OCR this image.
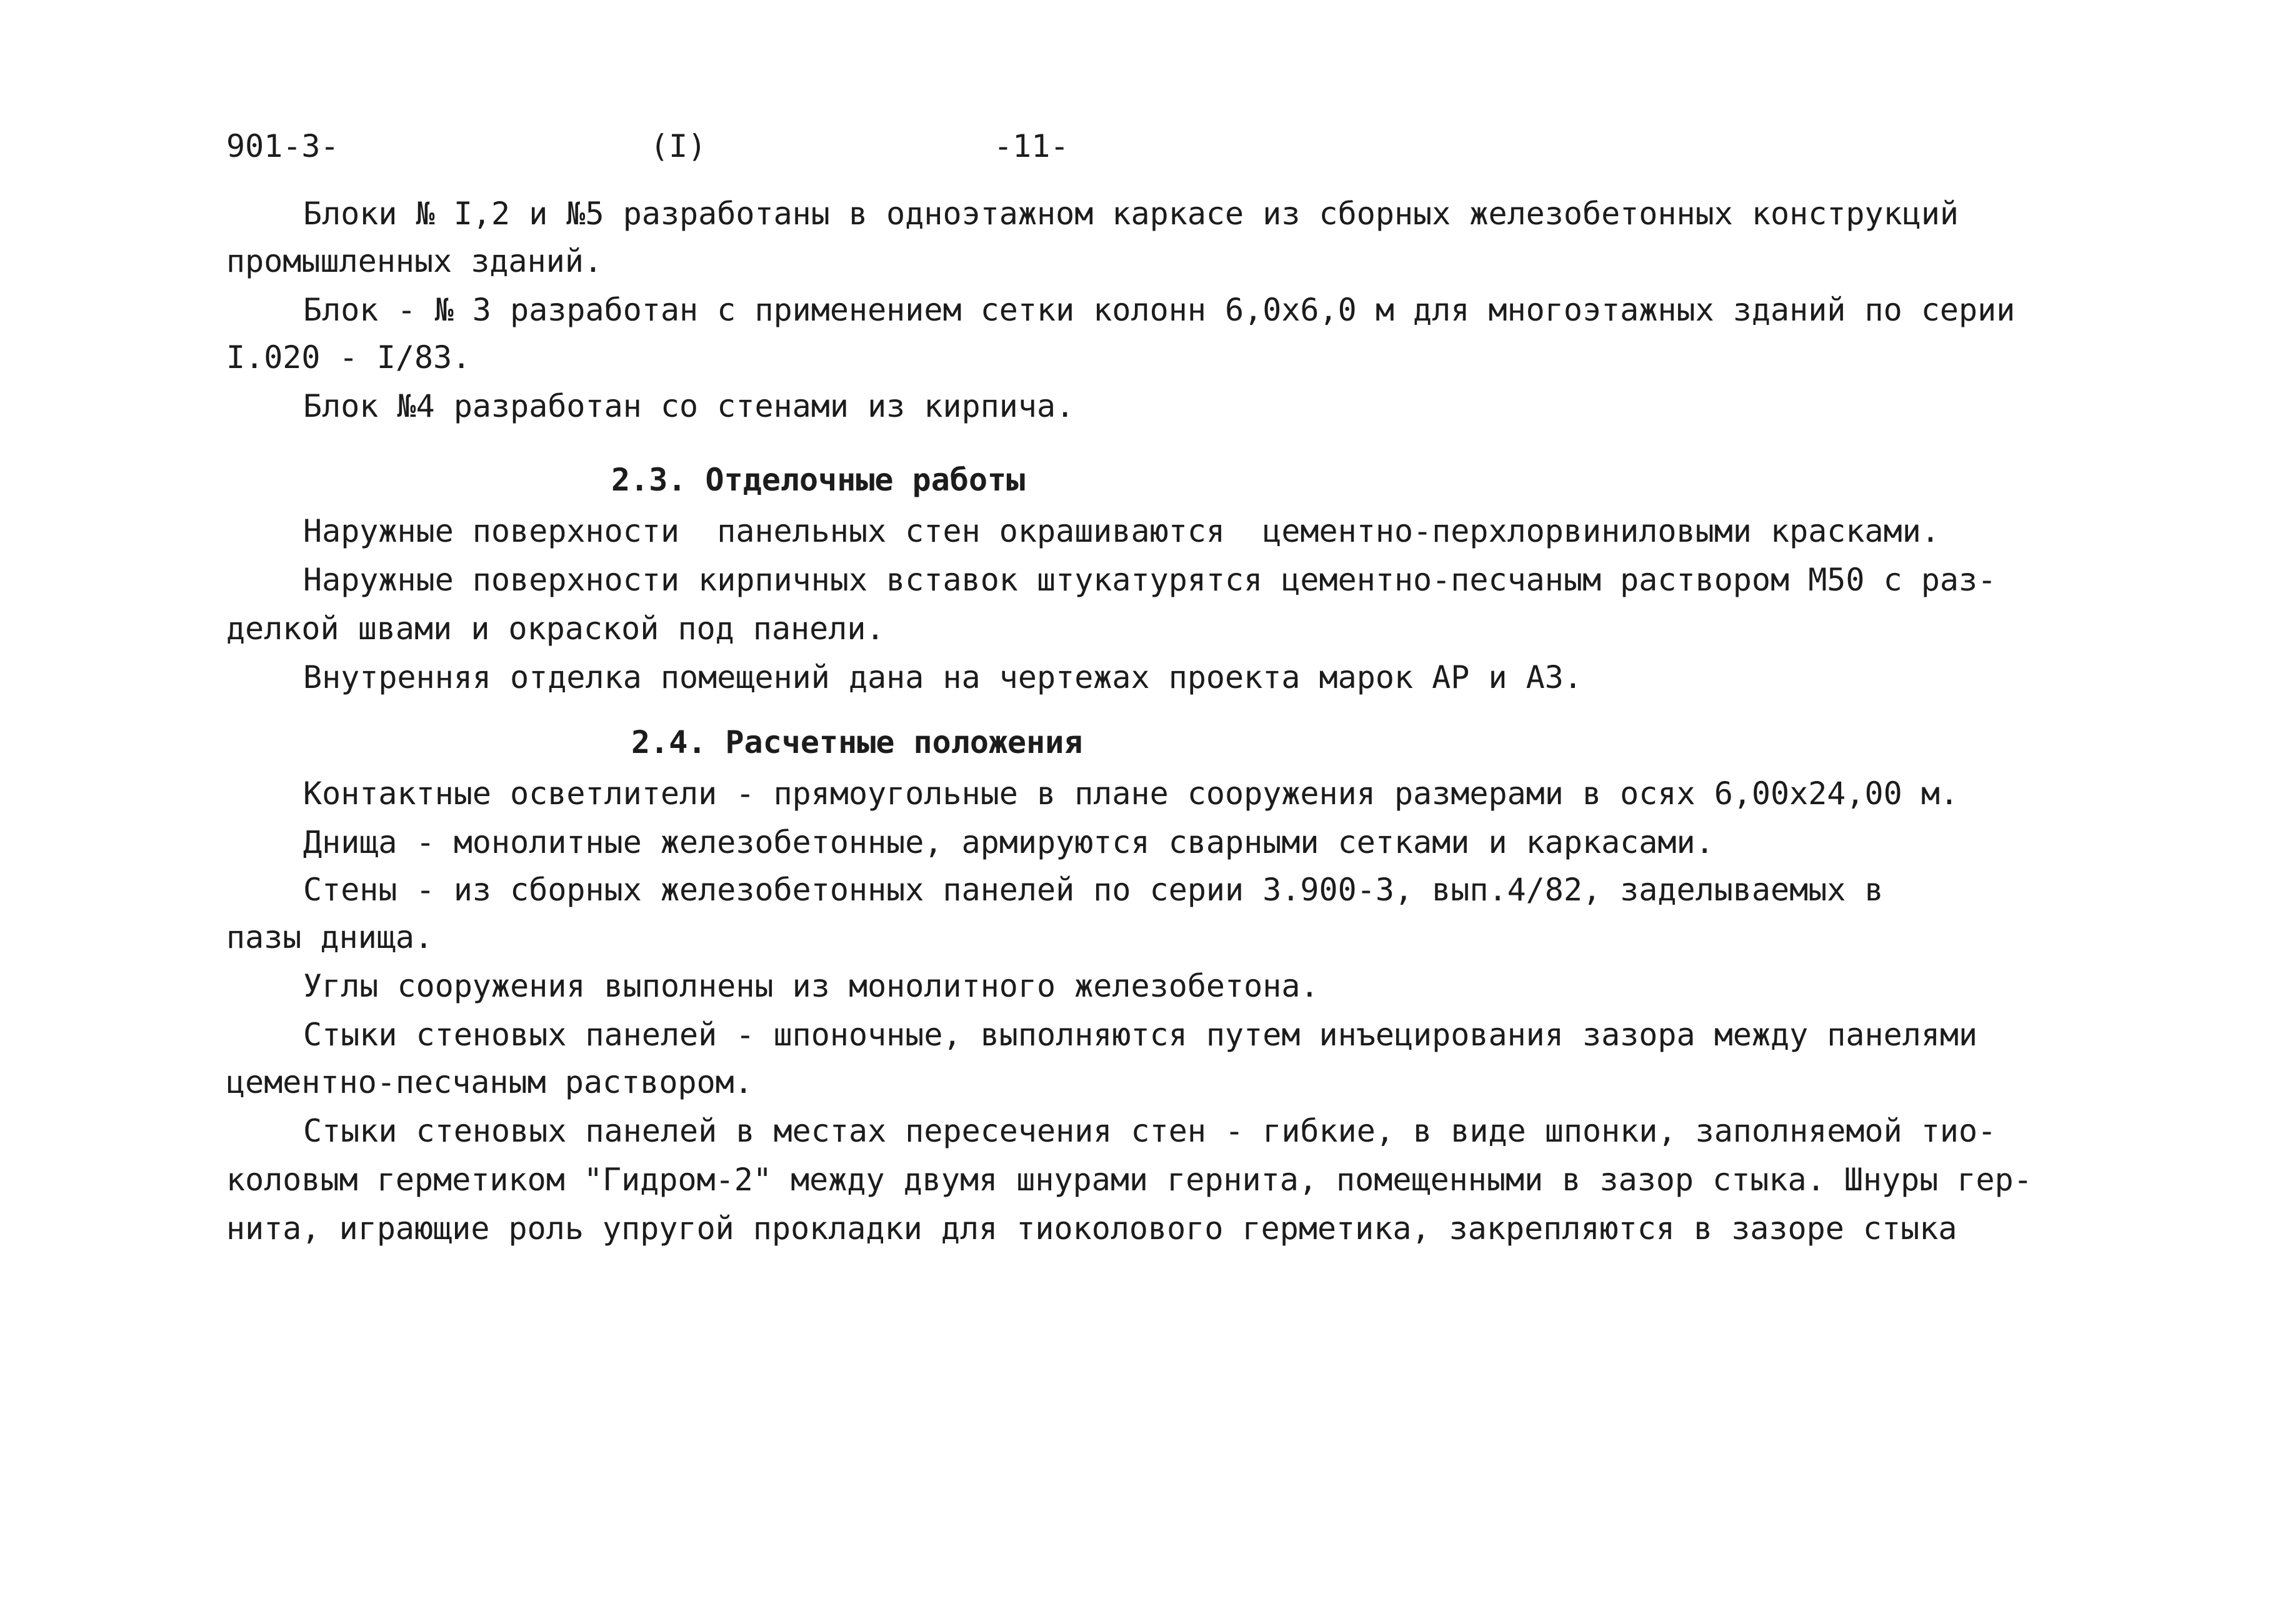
901-3-	(I)	-11-
Блоки № I,2 и №5 разработаны в одноэтажном каркасе из сборных железобетонных конструкций
промышленных зданий.
Блок - № 3 разработан с применением сетки колонн 6,0х6,0 м для многоэтажных зданий по серии
I.020 - I/83.
Блок №4 разработан со стенами из кирпича.
2.3. Отделочные работы
Наружные поверхности  панельных стен окрашиваются  цементно-перхлорвиниловыми красками.
Наружные поверхности кирпичных вставок штукатурятся цементно-песчаным раствором М50 с раз-
делкой швами и окраской под панели.
Внутренняя отделка помещений дана на чертежах проекта марок АР и АЗ.
2.4. Расчетные положения
Контактные осветлители - прямоугольные в плане сооружения размерами в осях 6,00х24,00 м.
Днища - монолитные железобетонные, армируются сварными сетками и каркасами.
Стены - из сборных железобетонных панелей по серии 3.900-3, вып.4/82, заделываемых в
пазы днища.
Углы сооружения выполнены из монолитного железобетона.
Стыки стеновых панелей - шпоночные, выполняются путем инъецирования зазора между панелями
цементно-песчаным раствором.
Стыки стеновых панелей в местах пересечения стен - гибкие, в виде шпонки, заполняемой тио-
коловым герметиком "Гидром-2" между двумя шнурами гернита, помещенными в зазор стыка. Шнуры гер-
нита, играющие роль упругой прокладки для тиоколового герметика, закрепляются в зазоре стыка
